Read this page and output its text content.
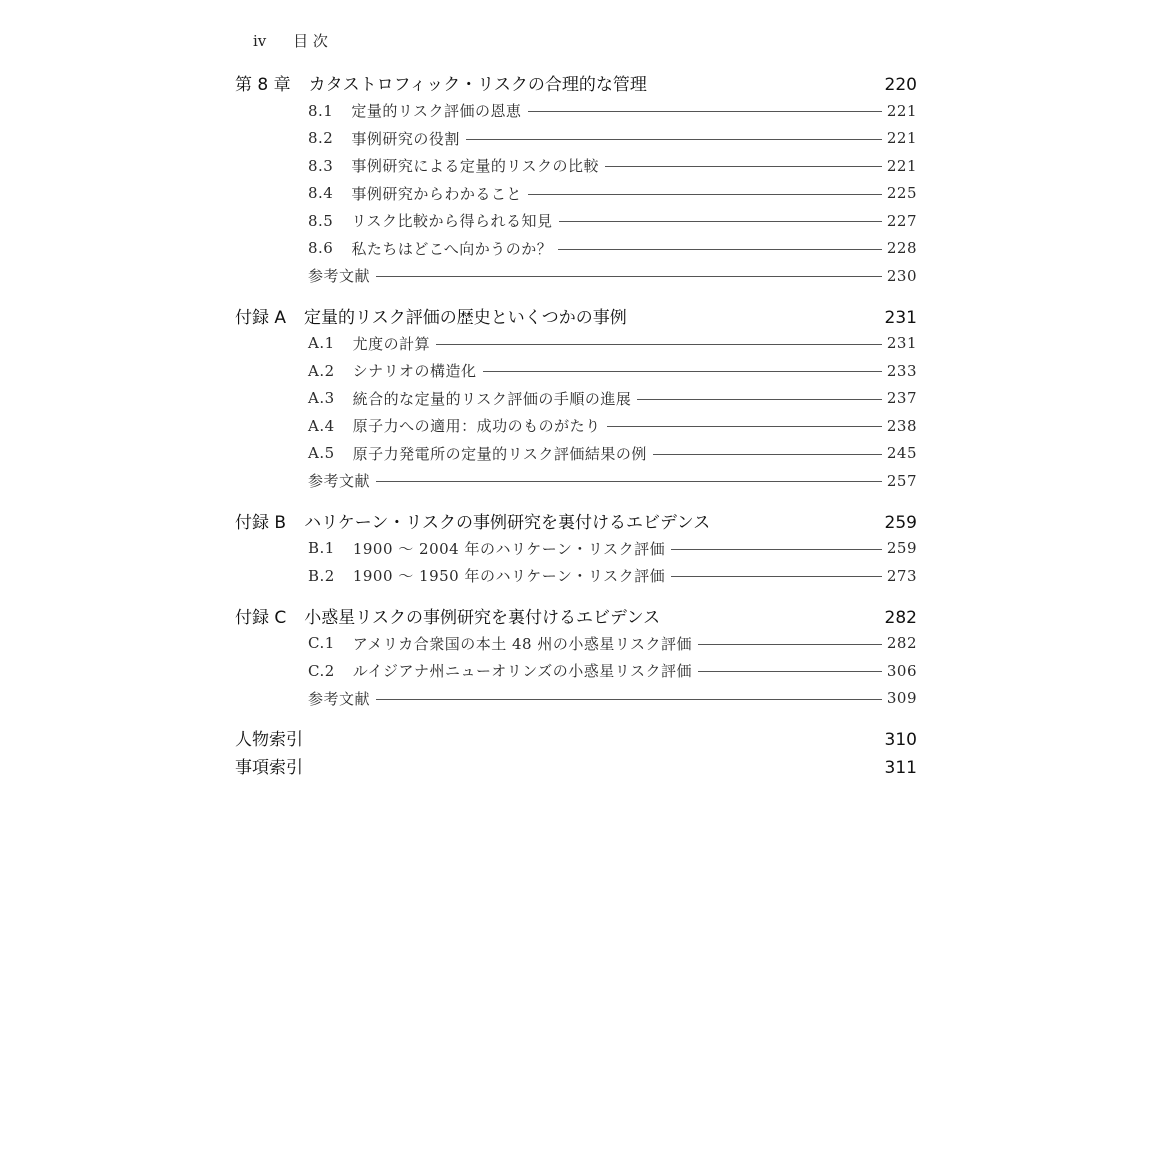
iv 目 次
第 8 章 カタストロフィック・リスクの合理的な管理	220
8.1 定量的リスク評価の恩恵	221
8.2 事例研究の役割	221
8.3 事例研究による定量的リスクの比較	221
8.4 事例研究からわかること	225
8.5 リスク比較から得られる知見	227
8.6 私たちはどこへ向かうのか？	228
参考文献	230
付録 A 定量的リスク評価の歴史といくつかの事例	231
A.1 尤度の計算	231
A.2 シナリオの構造化	233
A.3 統合的な定量的リスク評価の手順の進展	237
A.4 原子力への適用：成功のものがたり	238
A.5 原子力発電所の定量的リスク評価結果の例	245
参考文献	257
付録 B ハリケーン・リスクの事例研究を裏付けるエビデンス	259
B.1 1900 ～ 2004 年のハリケーン・リスク評価	259
B.2 1900 ～ 1950 年のハリケーン・リスク評価	273
付録 C 小惑星リスクの事例研究を裏付けるエビデンス	282
C.1 アメリカ合衆国の本土 48 州の小惑星リスク評価	282
C.2 ルイジアナ州ニューオリンズの小惑星リスク評価	306
参考文献	309
人物索引	310
事項索引	311
